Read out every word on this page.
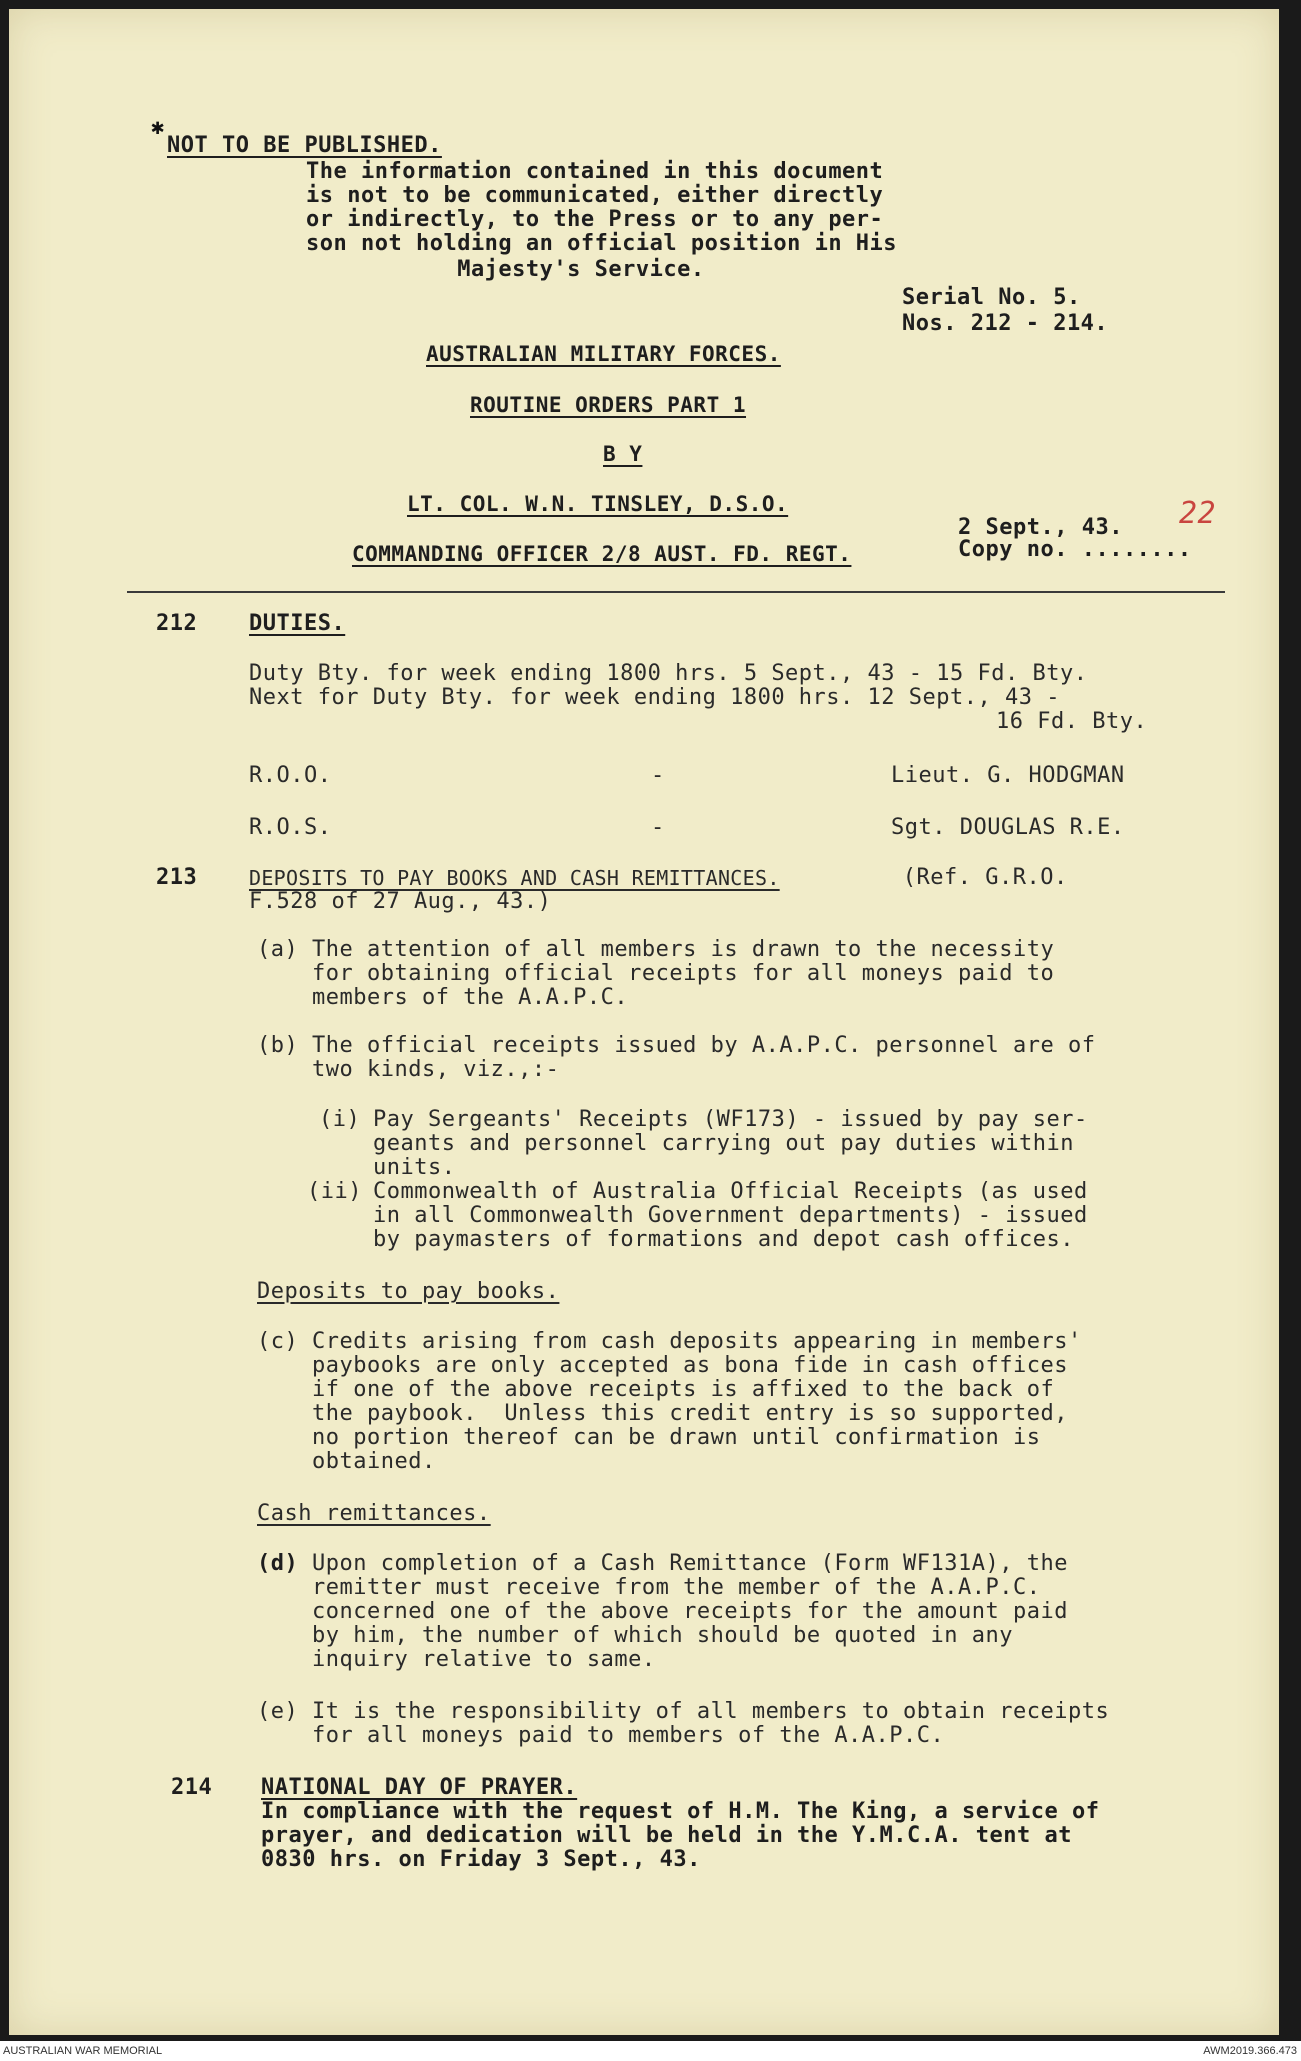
✱
NOT TO BE PUBLISHED.
The information contained in this document
is not to be communicated, either directly
or indirectly, to the Press or to any per-
son not holding an official position in His
Majesty's Service.
Serial No. 5.
Nos. 212 - 214.
AUSTRALIAN MILITARY FORCES.
ROUTINE ORDERS PART 1
B Y
LT. COL. W.N. TINSLEY, D.S.O.
COMMANDING OFFICER 2/8 AUST. FD. REGT.
2 Sept., 43.
Copy no. ........
22
212 DUTIES.
Duty Bty. for week ending 1800 hrs. 5 Sept., 43 - 15 Fd. Bty.
Next for Duty Bty. for week ending 1800 hrs. 12 Sept., 43 -
16 Fd. Bty.
R.O.O.	-	Lieut. G. HODGMAN
R.O.S.	-	Sgt. DOUGLAS R.E.
213	DEPOSITS TO PAY BOOKS AND CASH REMITTANCES.	(Ref. G.R.O.
F.528 of 27 Aug., 43.)
(a) The attention of all members is drawn to the necessity
for obtaining official receipts for all moneys paid to
members of the A.A.P.C.
(b) The official receipts issued by A.A.P.C. personnel are of
two kinds, viz.,:-
(i) Pay Sergeants' Receipts (WF173) - issued by pay ser-
geants and personnel carrying out pay duties within
units.
(ii) Commonwealth of Australia Official Receipts (as used
in all Commonwealth Government departments) - issued
by paymasters of formations and depot cash offices.
Deposits to pay books.
(c) Credits arising from cash deposits appearing in members'
paybooks are only accepted as bona fide in cash offices
if one of the above receipts is affixed to the back of
the paybook.  Unless this credit entry is so supported,
no portion thereof can be drawn until confirmation is
obtained.
Cash remittances.
(d) Upon completion of a Cash Remittance (Form WF131A), the
remitter must receive from the member of the A.A.P.C.
concerned one of the above receipts for the amount paid
by him, the number of which should be quoted in any
inquiry relative to same.
(e) It is the responsibility of all members to obtain receipts
for all moneys paid to members of the A.A.P.C.
214 NATIONAL DAY OF PRAYER.
In compliance with the request of H.M. The King, a service of
prayer, and dedication will be held in the Y.M.C.A. tent at
0830 hrs. on Friday 3 Sept., 43.
AUSTRALIAN WAR MEMORIAL	AWM2019.366.473
